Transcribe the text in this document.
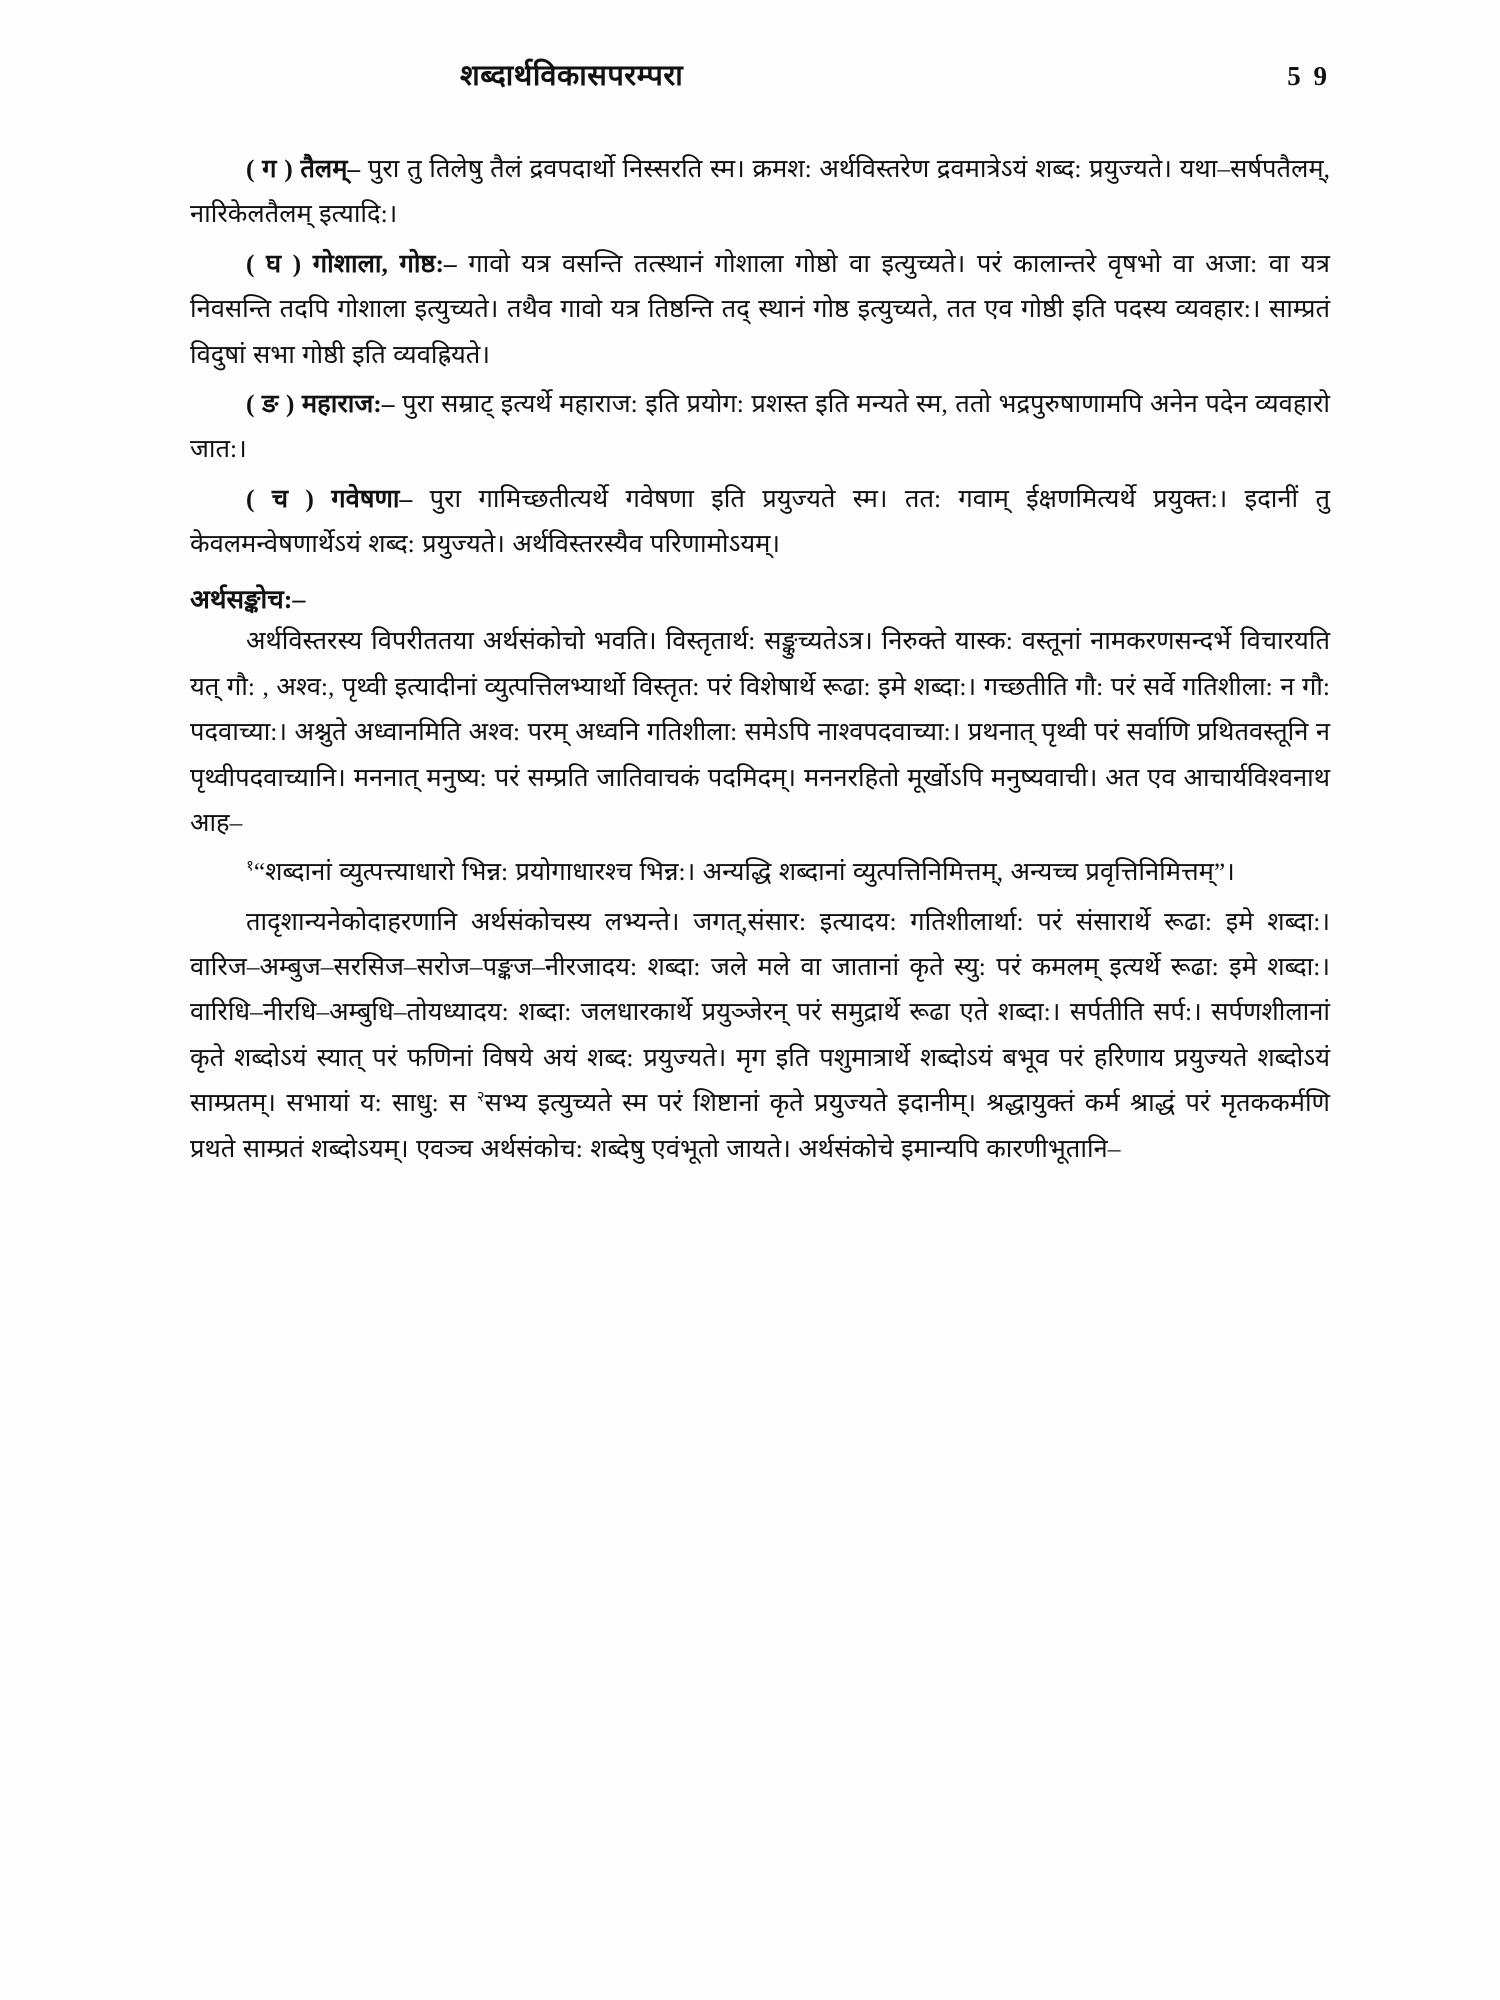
शब्दार्थविकासपरम्परा	5 9

( ग ) तैलम्– पुरा तु तिलेषु तैलं द्रवपदार्थो निस्सरति स्म। क्रमश: अर्थविस्तरेण द्रवमात्रेऽयं शब्द: प्रयुज्यते। यथा–सर्षपतैलम्, नारिकेलतैलम् इत्यादि:।

( घ ) गोशाला, गोष्ठ:– गावो यत्र वसन्ति तत्स्थानं गोशाला गोष्ठो वा इत्युच्यते। परं कालान्तरे वृषभो वा अजा: वा यत्र निवसन्ति तदपि गोशाला इत्युच्यते। तथैव गावो यत्र तिष्ठन्ति तद् स्थानं गोष्ठ इत्युच्यते, तत एव गोष्ठी इति पदस्य व्यवहार:। साम्प्रतं विदुषां सभा गोष्ठी इति व्यवह्रियते।

( ङ ) महाराज:– पुरा सम्राट् इत्यर्थे महाराज: इति प्रयोग: प्रशस्त इति मन्यते स्म, ततो भद्रपुरुषाणामपि अनेन पदेन व्यवहारो जात:।

( च ) गवेषणा– पुरा गामिच्छतीत्यर्थे गवेषणा इति प्रयुज्यते स्म। तत: गवाम् ईक्षणमित्यर्थे प्रयुक्त:। इदानीं तु केवलमन्वेषणार्थेऽयं शब्द: प्रयुज्यते। अर्थविस्तरस्यैव परिणामोऽयम्।

अर्थसङ्कोच:–

अर्थविस्तरस्य विपरीततया अर्थसंकोचो भवति। विस्तृतार्थ: सङ्कुच्यतेऽत्र। निरुक्ते यास्क: वस्तूनां नामकरणसन्दर्भे विचारयति यत् गौ: , अश्व:, पृथ्वी इत्यादीनां व्युत्पत्तिलभ्यार्थो विस्तृत: परं विशेषार्थे रूढा: इमे शब्दा:। गच्छतीति गौ: परं सर्वे गतिशीला: न गौ: पदवाच्या:। अश्नुते अध्वानमिति अश्व: परम् अध्वनि गतिशीला: समेऽपि नाश्वपदवाच्या:। प्रथनात् पृथ्वी परं सर्वाणि प्रथितवस्तूनि न पृथ्वीपदवाच्यानि। मननात् मनुष्य: परं सम्प्रति जातिवाचकं पदमिदम्। मननरहितो मूर्खोऽपि मनुष्यवाची। अत एव आचार्यविश्वनाथ आह–

$^१$“शब्दानां व्युत्पत्त्याधारो भिन्न: प्रयोगाधारश्च भिन्न:। अन्यद्धि शब्दानां व्युत्पत्तिनिमित्तम्, अन्यच्च प्रवृत्तिनिमित्तम्”।

तादृशान्यनेकोदाहरणानि अर्थसंकोचस्य लभ्यन्ते। जगत्,संसार: इत्यादय: गतिशीलार्था: परं संसारार्थे रूढा: इमे शब्दा:। वारिज–अम्बुज–सरसिज–सरोज–पङ्कज–नीरजादय: शब्दा: जले मले वा जातानां कृते स्यु: परं कमलम् इत्यर्थे रूढा: इमे शब्दा:। वारिधि–नीरधि–अम्बुधि–तोयध्यादय: शब्दा: जलधारकार्थे प्रयुञ्जेरन् परं समुद्रार्थे रूढा एते शब्दा:। सर्पतीति सर्प:। सर्पणशीलानां कृते शब्दोऽयं स्यात् परं फणिनां विषये अयं शब्द: प्रयुज्यते। मृग इति पशुमात्रार्थे शब्दोऽयं बभूव परं हरिणाय प्रयुज्यते शब्दोऽयं साम्प्रतम्। सभायां य: साधु: स $^२$सभ्य इत्युच्यते स्म परं शिष्टानां कृते प्रयुज्यते इदानीम्। श्रद्धायुक्तं कर्म श्राद्धं परं मृतककर्मणि प्रथते साम्प्रतं शब्दोऽयम्। एवञ्च अर्थसंकोच: शब्देषु एवंभूतो जायते। अर्थसंकोचे इमान्यपि कारणीभूतानि–
